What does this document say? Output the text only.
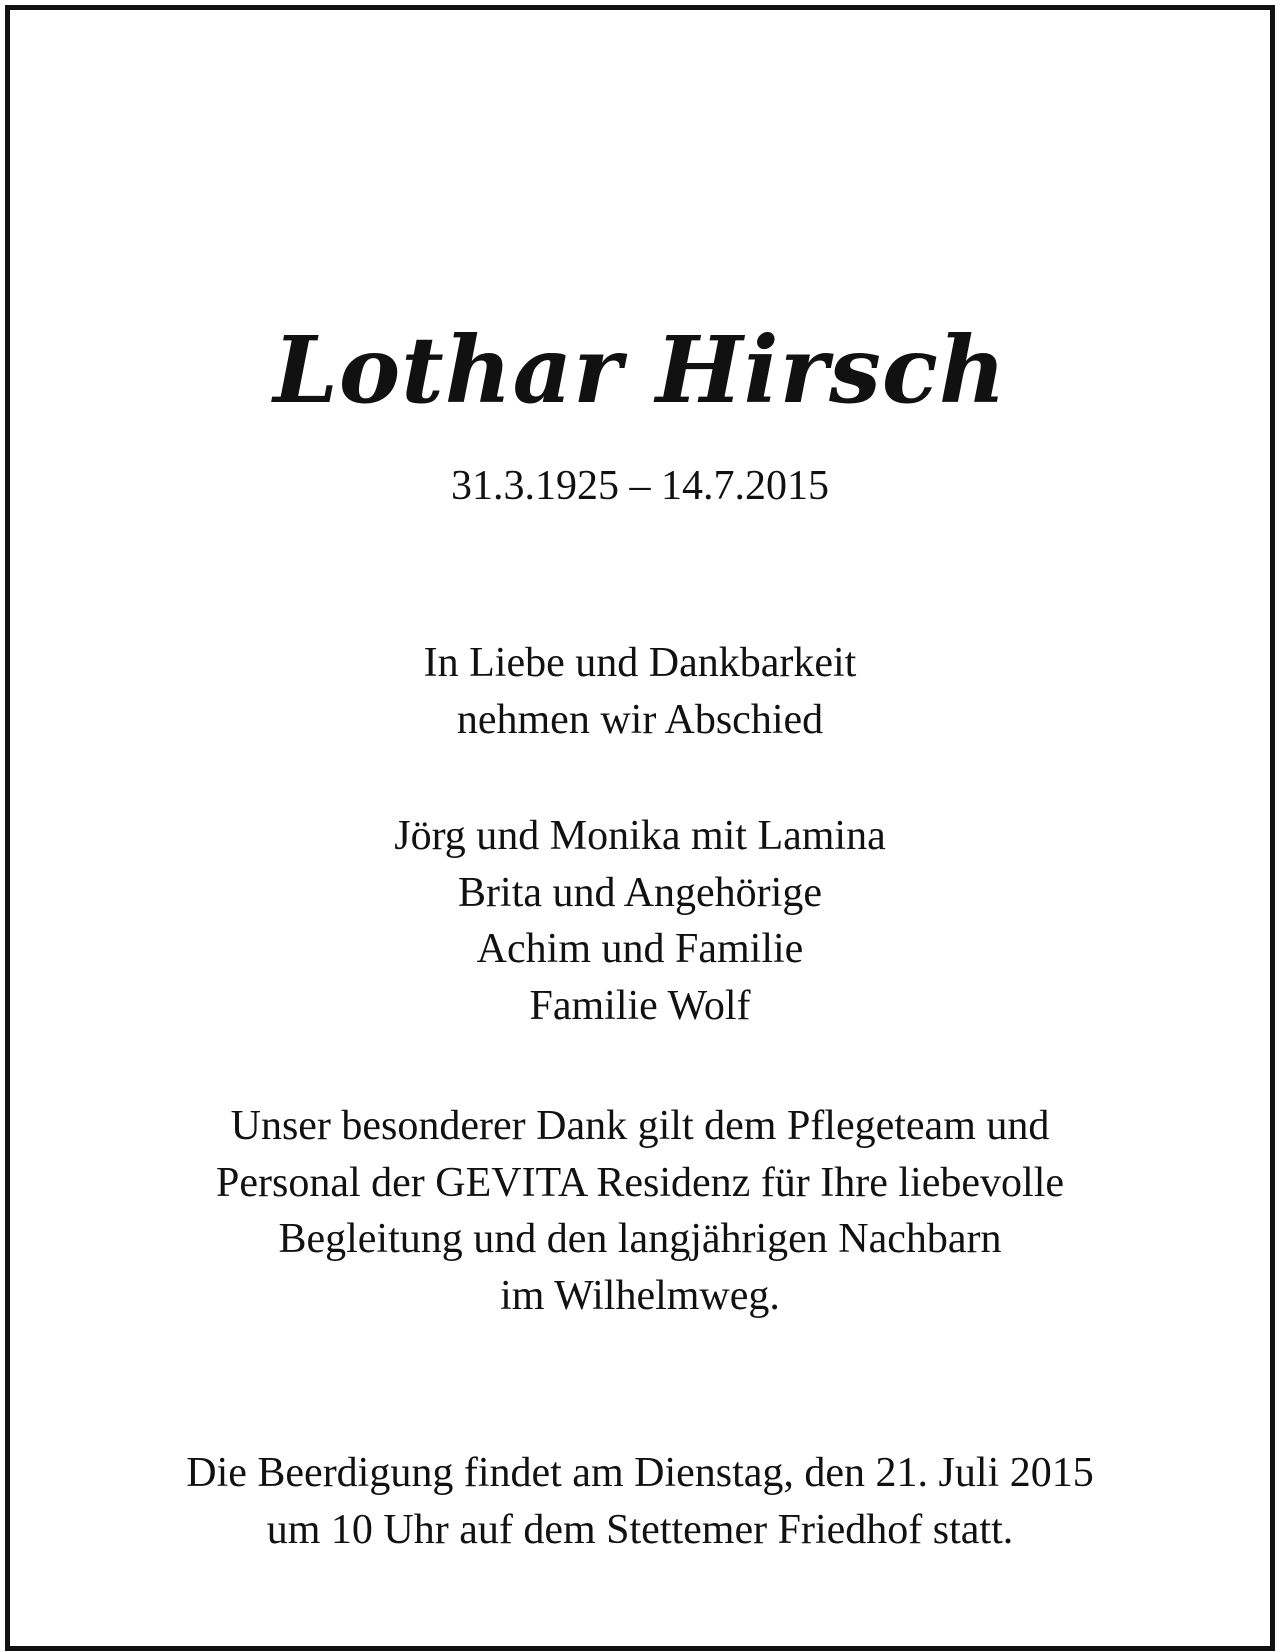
Lothar Hirsch
31.3.1925 – 14.7.2015
In Liebe und Dankbarkeit
nehmen wir Abschied
Jörg und Monika mit Lamina
Brita und Angehörige
Achim und Familie
Familie Wolf
Unser besonderer Dank gilt dem Pflegeteam und
Personal der GEVITA Residenz für Ihre liebevolle
Begleitung und den langjährigen Nachbarn
im Wilhelmweg.
Die Beerdigung findet am Dienstag, den 21. Juli 2015
um 10 Uhr auf dem Stettemer Friedhof statt.
